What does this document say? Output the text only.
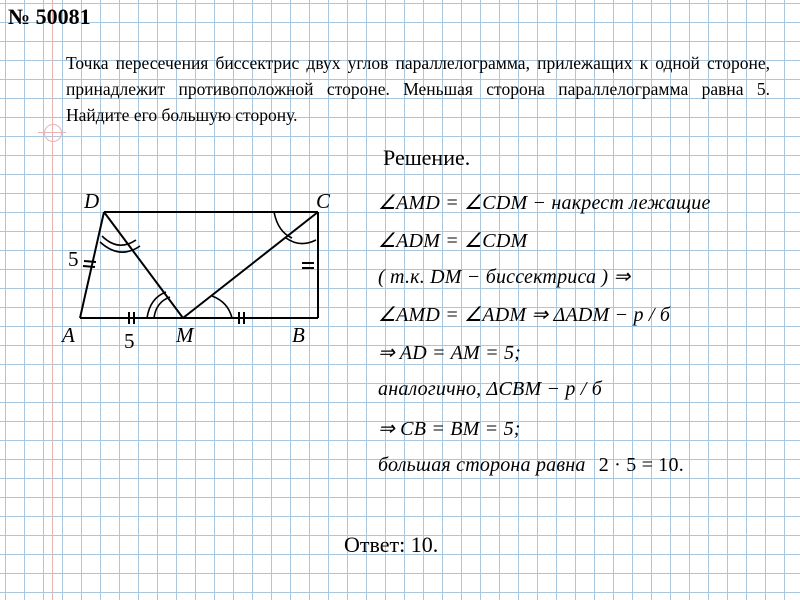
№ 50081
Точка пересечения биссектрис двух углов параллелограмма, прилежащих к одной стороне, принадлежит противоположной стороне. Меньшая сторона параллелограмма равна 5. Найдите его большую сторону.
D	C
A	M	B
5
5
Решение.
∠AMD = ∠CDM − накрест лежащие
∠ADM = ∠CDM
( т.к. DM − биссектриса ) ⇒
∠AMD = ∠ADM ⇒ ΔADM − р / б
⇒ AD = AM = 5;
аналогично, ΔCBM − р / б
⇒ CB = BM = 5;
большая сторона равна 2 · 5 = 10.
Ответ: 10.
